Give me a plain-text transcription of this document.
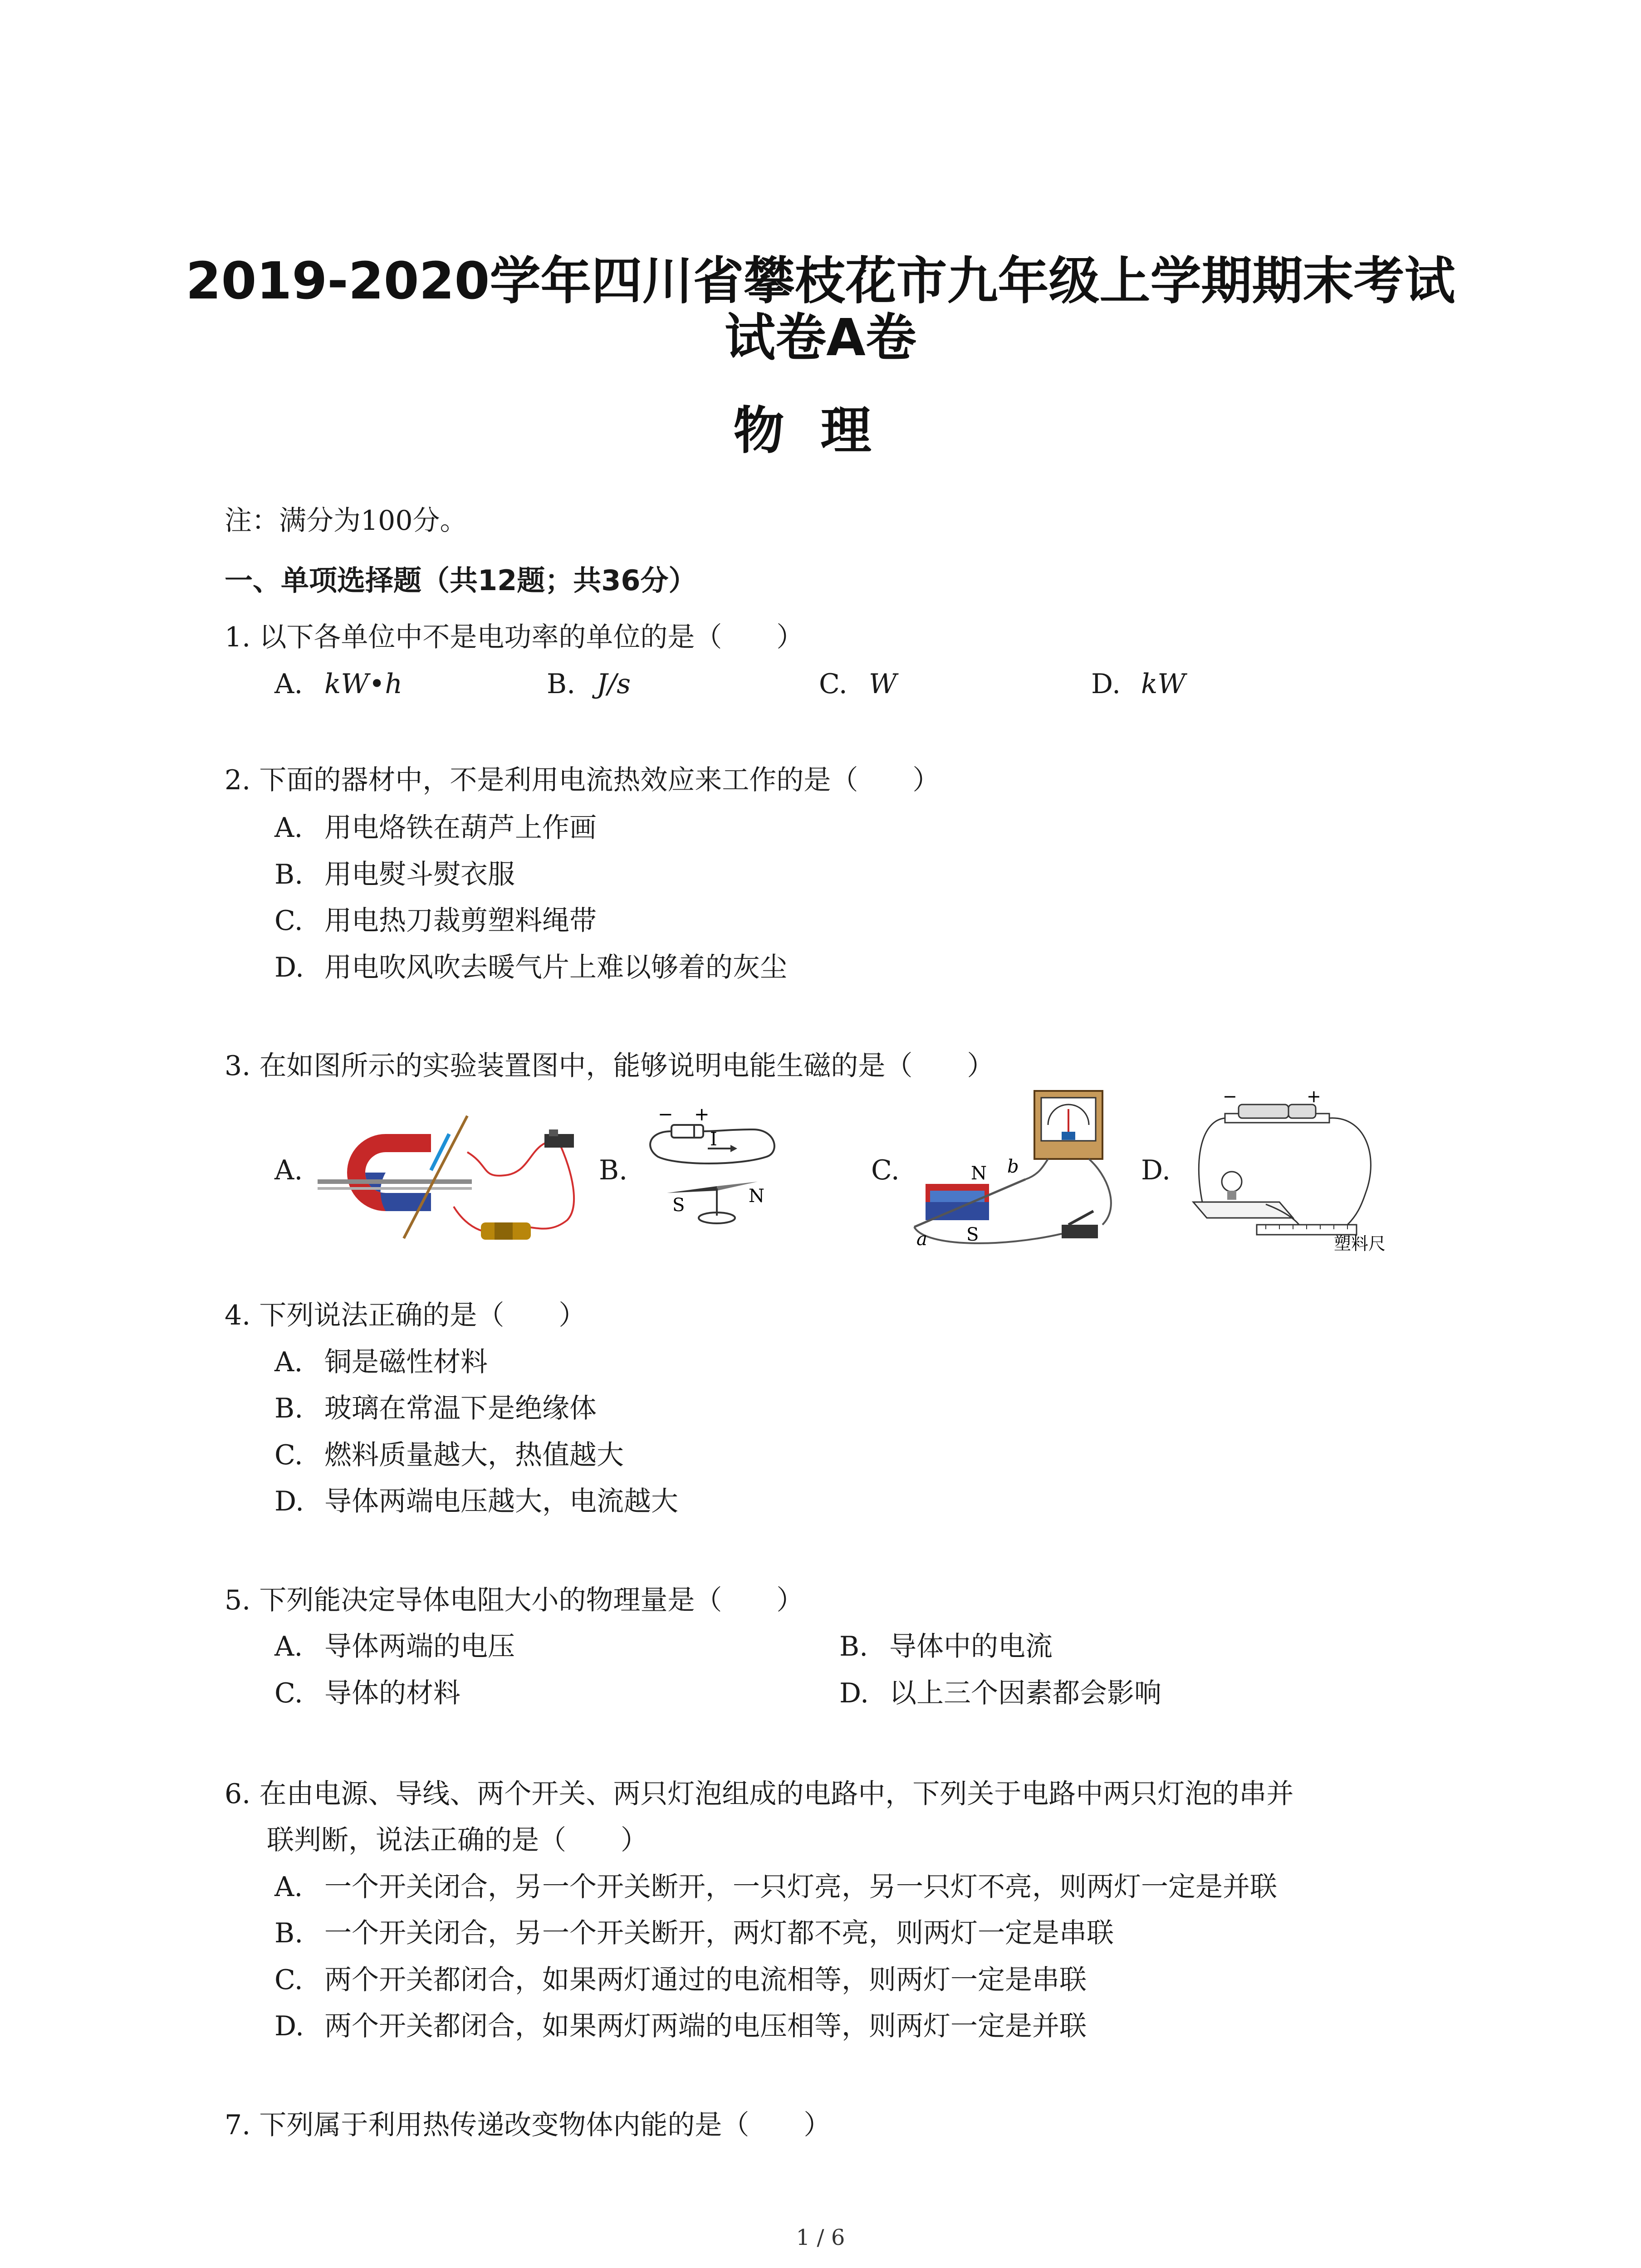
2019-2020学年四川省攀枝花市九年级上学期期末考试
试卷A卷
物理
注：满分为100分。
一、单项选择题（共12题；共36分）
1. 以下各单位中不是电功率的单位的是（　　）
A. kW•h	B. J/s	C. W	D. kW
2. 下面的器材中，不是利用电流热效应来工作的是（　　）
A. 用电烙铁在葫芦上作画
B. 用电熨斗熨衣服
C. 用电热刀裁剪塑料绳带
D. 用电吹风吹去暖气片上难以够着的灰尘
3. 在如图所示的实验装置图中，能够说明电能生磁的是（　　）
A.	B.
− +
I
S	N
C.	N
S
a
b	D.
−	+
塑料尺
4. 下列说法正确的是（　　）
A. 铜是磁性材料
B. 玻璃在常温下是绝缘体
C. 燃料质量越大，热值越大
D. 导体两端电压越大，电流越大
5. 下列能决定导体电阻大小的物理量是（　　）
A. 导体两端的电压	B. 导体中的电流
C. 导体的材料	D. 以上三个因素都会影响
6. 在由电源、导线、两个开关、两只灯泡组成的电路中，下列关于电路中两只灯泡的串并
联判断，说法正确的是（　　）
A. 一个开关闭合，另一个开关断开，一只灯亮，另一只灯不亮，则两灯一定是并联
B. 一个开关闭合，另一个开关断开，两灯都不亮，则两灯一定是串联
C. 两个开关都闭合，如果两灯通过的电流相等，则两灯一定是串联
D. 两个开关都闭合，如果两灯两端的电压相等，则两灯一定是并联
7. 下列属于利用热传递改变物体内能的是（　　）
1 / 6
